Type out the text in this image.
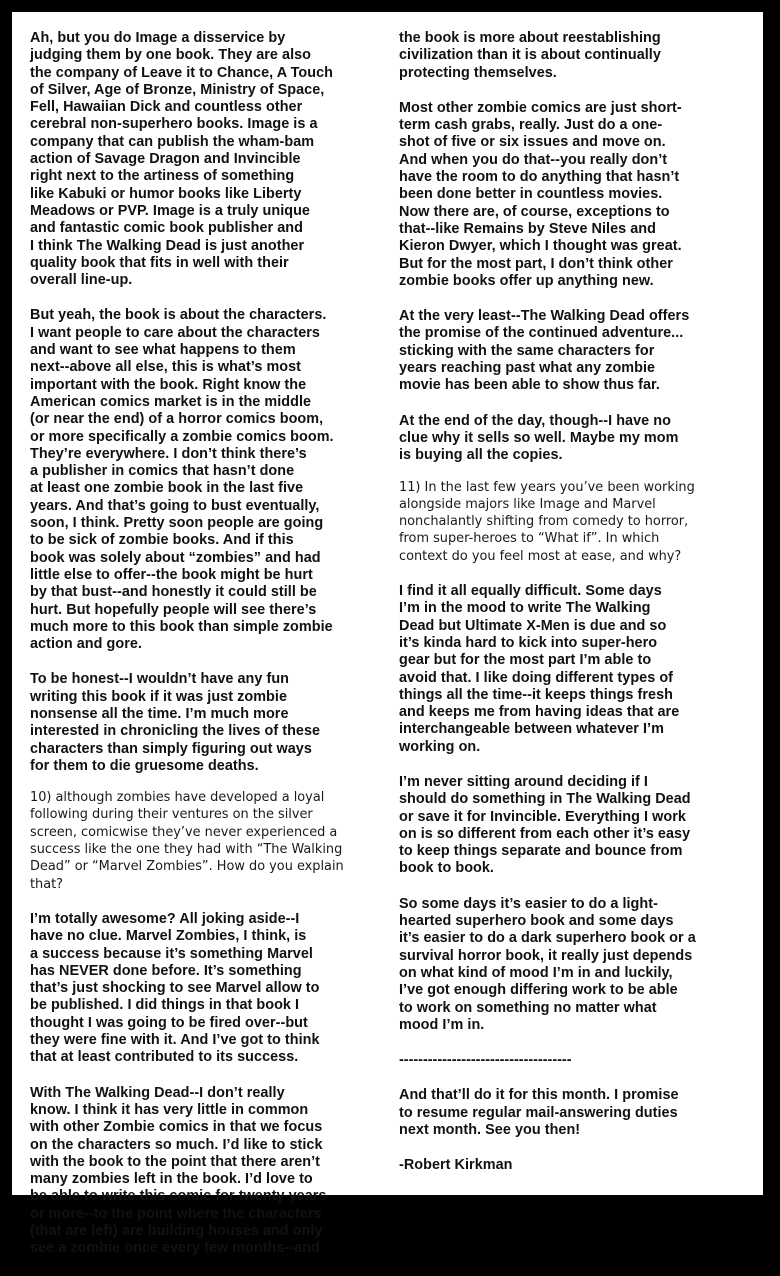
Ah, but you do Image a disservice by
judging them by one book. They are also
the company of Leave it to Chance, A Touch
of Silver, Age of Bronze, Ministry of Space,
Fell, Hawaiian Dick and countless other
cerebral non-superhero books. Image is a
company that can publish the wham-bam
action of Savage Dragon and Invincible
right next to the artiness of something
like Kabuki or humor books like Liberty
Meadows or PVP. Image is a truly unique
and fantastic comic book publisher and
I think The Walking Dead is just another
quality book that fits in well with their
overall line-up.

But yeah, the book is about the characters.
I want people to care about the characters
and want to see what happens to them
next--above all else, this is what’s most
important with the book. Right know the
American comics market is in the middle
(or near the end) of a horror comics boom,
or more specifically a zombie comics boom.
They’re everywhere. I don’t think there’s
a publisher in comics that hasn’t done
at least one zombie book in the last five
years. And that’s going to bust eventually,
soon, I think. Pretty soon people are going
to be sick of zombie books. And if this
book was solely about “zombies” and had
little else to offer--the book might be hurt
by that bust--and honestly it could still be
hurt. But hopefully people will see there’s
much more to this book than simple zombie
action and gore.

To be honest--I wouldn’t have any fun
writing this book if it was just zombie
nonsense all the time. I’m much more
interested in chronicling the lives of these
characters than simply figuring out ways
for them to die gruesome deaths.

10) although zombies have developed a loyal
following during their ventures on the silver
screen, comicwise they’ve never experienced a
success like the one they had with “The Walking
Dead” or “Marvel Zombies”. How do you explain
that?

I’m totally awesome? All joking aside--I
have no clue. Marvel Zombies, I think, is
a success because it’s something Marvel
has NEVER done before. It’s something
that’s just shocking to see Marvel allow to
be published. I did things in that book I
thought I was going to be fired over--but
they were fine with it. And I’ve got to think
that at least contributed to its success.

With The Walking Dead--I don’t really
know. I think it has very little in common
with other Zombie comics in that we focus
on the characters so much. I’d like to stick
with the book to the point that there aren’t
many zombies left in the book. I’d love to
be able to write this comic for twenty years
or more--to the point where the characters
(that are left) are building houses and only
see a zombie once every few months--and

the book is more about reestablishing
civilization than it is about continually
protecting themselves.

Most other zombie comics are just short-
term cash grabs, really. Just do a one-
shot of five or six issues and move on.
And when you do that--you really don’t
have the room to do anything that hasn’t
been done better in countless movies.
Now there are, of course, exceptions to
that--like Remains by Steve Niles and
Kieron Dwyer, which I thought was great.
But for the most part, I don’t think other
zombie books offer up anything new.

At the very least--The Walking Dead offers
the promise of the continued adventure...
sticking with the same characters for
years reaching past what any zombie
movie has been able to show thus far.

At the end of the day, though--I have no
clue why it sells so well. Maybe my mom
is buying all the copies.

11) In the last few years you’ve been working
alongside majors like Image and Marvel
nonchalantly shifting from comedy to horror,
from super-heroes to “What if”. In which
context do you feel most at ease, and why?

I find it all equally difficult. Some days
I’m in the mood to write The Walking
Dead but Ultimate X-Men is due and so
it’s kinda hard to kick into super-hero
gear but for the most part I’m able to
avoid that. I like doing different types of
things all the time--it keeps things fresh
and keeps me from having ideas that are
interchangeable between whatever I’m
working on.

I’m never sitting around deciding if I
should do something in The Walking Dead
or save it for Invincible. Everything I work
on is so different from each other it’s easy
to keep things separate and bounce from
book to book.

So some days it’s easier to do a light-
hearted superhero book and some days
it’s easier to do a dark superhero book or a
survival horror book, it really just depends
on what kind of mood I’m in and luckily,
I’ve got enough differing work to be able
to work on something no matter what
mood I’m in.

------------------------------------

And that’ll do it for this month. I promise
to resume regular mail-answering duties
next month. See you then!

-Robert Kirkman
